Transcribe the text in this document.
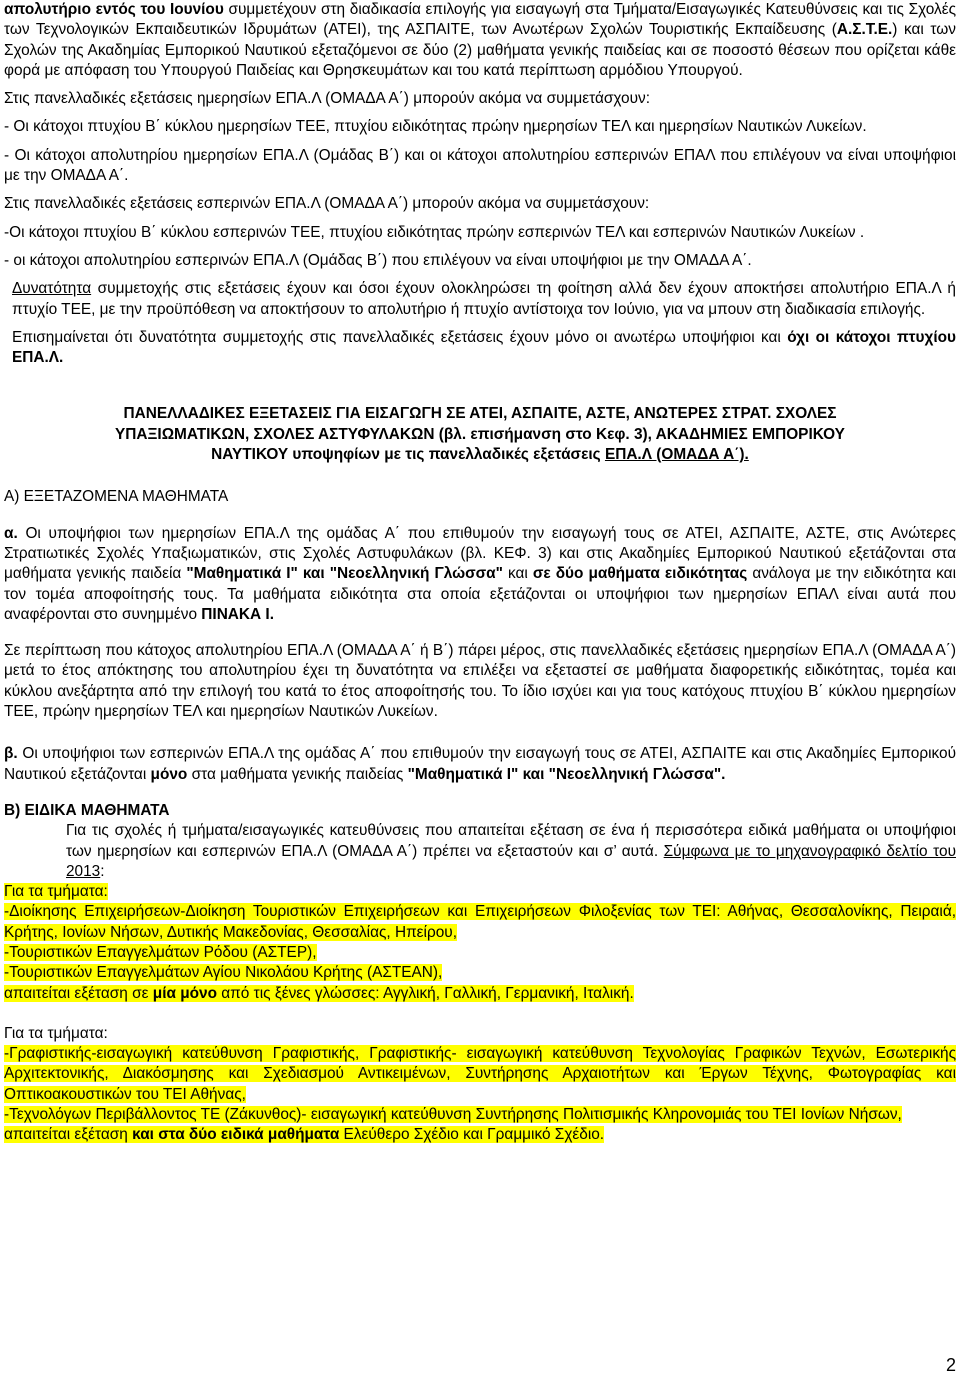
απολυτήριο εντός του Ιουνίου συμμετέχουν στη διαδικασία επιλογής για εισαγωγή στα Τμήματα/Εισαγωγικές Κατευθύνσεις και τις Σχολές των Τεχνολογικών Εκπαιδευτικών Ιδρυμάτων (ΑΤΕΙ), της ΑΣΠΑΙΤΕ, των Ανωτέρων Σχολών Τουριστικής Εκπαίδευσης (Α.Σ.Τ.Ε.) και των Σχολών της Ακαδημίας Εμπορικού Ναυτικού εξεταζόμενοι σε δύο (2) μαθήματα γενικής παιδείας και σε ποσοστό θέσεων που ορίζεται κάθε φορά με απόφαση του Υπουργού Παιδείας και Θρησκευμάτων και του κατά περίπτωση αρμόδιου Υπουργού.

Στις πανελλαδικές εξετάσεις ημερησίων ΕΠΑ.Λ (ΟΜΑΔΑ Α΄) μπορούν ακόμα να συμμετάσχουν:

- Οι κάτοχοι πτυχίου Β΄ κύκλου ημερησίων ΤΕΕ, πτυχίου ειδικότητας πρώην ημερησίων ΤΕΛ και ημερησίων Ναυτικών Λυκείων.

- Οι κάτοχοι απολυτηρίου ημερησίων ΕΠΑ.Λ (Ομάδας Β΄) και οι κάτοχοι απολυτηρίου εσπερινών ΕΠΑΛ που επιλέγουν να είναι υποψήφιοι με την ΟΜΑΔΑ Α΄.

Στις πανελλαδικές εξετάσεις εσπερινών ΕΠΑ.Λ (ΟΜΑΔΑ Α΄) μπορούν ακόμα να συμμετάσχουν:

-Οι κάτοχοι πτυχίου Β΄ κύκλου εσπερινών ΤΕΕ, πτυχίου ειδικότητας πρώην εσπερινών ΤΕΛ και εσπερινών Ναυτικών Λυκείων .

- οι κάτοχοι απολυτηρίου εσπερινών ΕΠΑ.Λ (Ομάδας Β΄) που επιλέγουν να είναι υποψήφιοι με την ΟΜΑΔΑ Α΄.

Δυνατότητα συμμετοχής στις εξετάσεις έχουν και όσοι έχουν ολοκληρώσει τη φοίτηση αλλά δεν έχουν αποκτήσει απολυτήριο ΕΠΑ.Λ ή πτυχίο ΤΕΕ, με την προϋπόθεση να αποκτήσουν το απολυτήριο ή πτυχίο αντίστοιχα τον Ιούνιο, για να μπουν στη διαδικασία επιλογής.

Επισημαίνεται ότι δυνατότητα συμμετοχής στις πανελλαδικές εξετάσεις έχουν μόνο οι ανωτέρω υποψήφιοι και όχι οι κάτοχοι πτυχίου ΕΠΑ.Λ.

ΠΑΝΕΛΛΑΔΙΚΕΣ ΕΞΕΤΑΣΕΙΣ ΓΙΑ ΕΙΣΑΓΩΓΗ ΣΕ ΑΤΕΙ, ΑΣΠΑΙΤΕ, ΑΣΤΕ, ΑΝΩΤΕΡΕΣ ΣΤΡΑΤ. ΣΧΟΛΕΣ
ΥΠΑΞΙΩΜΑΤΙΚΩΝ, ΣΧΟΛΕΣ ΑΣΤΥΦΥΛΑΚΩΝ (βλ. επισήμανση στο Κεφ. 3), ΑΚΑΔΗΜΙΕΣ ΕΜΠΟΡΙΚΟΥ
ΝΑΥΤΙΚΟΥ υποψηφίων με τις πανελλαδικές εξετάσεις ΕΠΑ.Λ (ΟΜΑΔΑ Α΄).

Α) ΕΞΕΤΑΖΟΜΕΝΑ ΜΑΘΗΜΑΤΑ

α. Οι υποψήφιοι των ημερησίων ΕΠΑ.Λ της ομάδας Α΄ που επιθυμούν την εισαγωγή τους σε ΑΤΕΙ, ΑΣΠΑΙΤΕ, ΑΣΤΕ, στις Ανώτερες Στρατιωτικές Σχολές Υπαξιωματικών, στις Σχολές Αστυφυλάκων (βλ. ΚΕΦ. 3) και στις Ακαδημίες Εμπορικού Ναυτικού εξετάζονται στα μαθήματα γενικής παιδεία "Μαθηματικά Ι" και "Νεοελληνική Γλώσσα" και σε δύο μαθήματα ειδικότητας ανάλογα με την ειδικότητα και τον τομέα αποφοίτησής τους. Τα μαθήματα ειδικότητα στα οποία εξετάζονται οι υποψήφιοι των ημερησίων ΕΠΑΛ είναι αυτά που αναφέρονται στο συνημμένο ΠΙΝΑΚΑ Ι.

Σε περίπτωση που κάτοχος απολυτηρίου ΕΠΑ.Λ (ΟΜΑΔΑ Α΄ ή Β΄) πάρει μέρος, στις πανελλαδικές εξετάσεις ημερησίων ΕΠΑ.Λ (ΟΜΑΔΑ Α΄) μετά το έτος απόκτησης του απολυτηρίου έχει τη δυνατότητα να επιλέξει να εξεταστεί σε μαθήματα διαφορετικής ειδικότητας, τομέα και κύκλου ανεξάρτητα από την επιλογή του κατά το έτος αποφοίτησής του. Το ίδιο ισχύει και για τους κατόχους πτυχίου Β΄ κύκλου ημερησίων ΤΕΕ, πρώην ημερησίων ΤΕΛ και ημερησίων Ναυτικών Λυκείων.

β. Οι υποψήφιοι των εσπερινών ΕΠΑ.Λ της ομάδας Α΄ που επιθυμούν την εισαγωγή τους σε ΑΤΕΙ, ΑΣΠΑΙΤΕ και στις Ακαδημίες Εμπορικού Ναυτικού εξετάζονται μόνο στα μαθήματα γενικής παιδείας "Μαθηματικά Ι" και "Νεοελληνική Γλώσσα".

Β) ΕΙΔΙΚΑ ΜΑΘΗΜΑΤΑ

Για τις σχολές ή τμήματα/εισαγωγικές κατευθύνσεις που απαιτείται εξέταση σε ένα ή περισσότερα ειδικά μαθήματα οι υποψήφιοι των ημερησίων και εσπερινών ΕΠΑ.Λ (ΟΜΑΔΑ Α΄) πρέπει να εξεταστούν και σ’ αυτά. Σύμφωνα με το μηχανογραφικό δελτίο του 2013:

Για τα τμήματα:

-Διοίκησης Επιχειρήσεων-Διοίκηση Τουριστικών Επιχειρήσεων και Επιχειρήσεων Φιλοξενίας των ΤΕΙ: Αθήνας, Θεσσαλονίκης, Πειραιά, Κρήτης, Ιονίων Νήσων, Δυτικής Μακεδονίας, Θεσσαλίας, Ηπείρου,

-Τουριστικών Επαγγελμάτων Ρόδου (ΑΣΤΕΡ),

-Τουριστικών Επαγγελμάτων Αγίου Νικολάου Κρήτης (ΑΣΤΕΑΝ),

απαιτείται εξέταση σε μία μόνο από τις ξένες γλώσσες: Αγγλική, Γαλλική, Γερμανική, Ιταλική.

Για τα τμήματα:

-Γραφιστικής-εισαγωγική κατεύθυνση Γραφιστικής, Γραφιστικής- εισαγωγική κατεύθυνση Τεχνολογίας Γραφικών Τεχνών, Εσωτερικής Αρχιτεκτονικής, Διακόσμησης και Σχεδιασμού Αντικειμένων, Συντήρησης Αρχαιοτήτων και Έργων Τέχνης, Φωτογραφίας και Οπτικοακουστικών του ΤΕΙ Αθήνας,

-Τεχνολόγων Περιβάλλοντος ΤΕ (Ζάκυνθος)- εισαγωγική κατεύθυνση Συντήρησης Πολιτισμικής Κληρονομιάς του ΤΕΙ Ιονίων Νήσων,

απαιτείται εξέταση και στα δύο ειδικά μαθήματα Ελεύθερο Σχέδιο και Γραμμικό Σχέδιο.

2
